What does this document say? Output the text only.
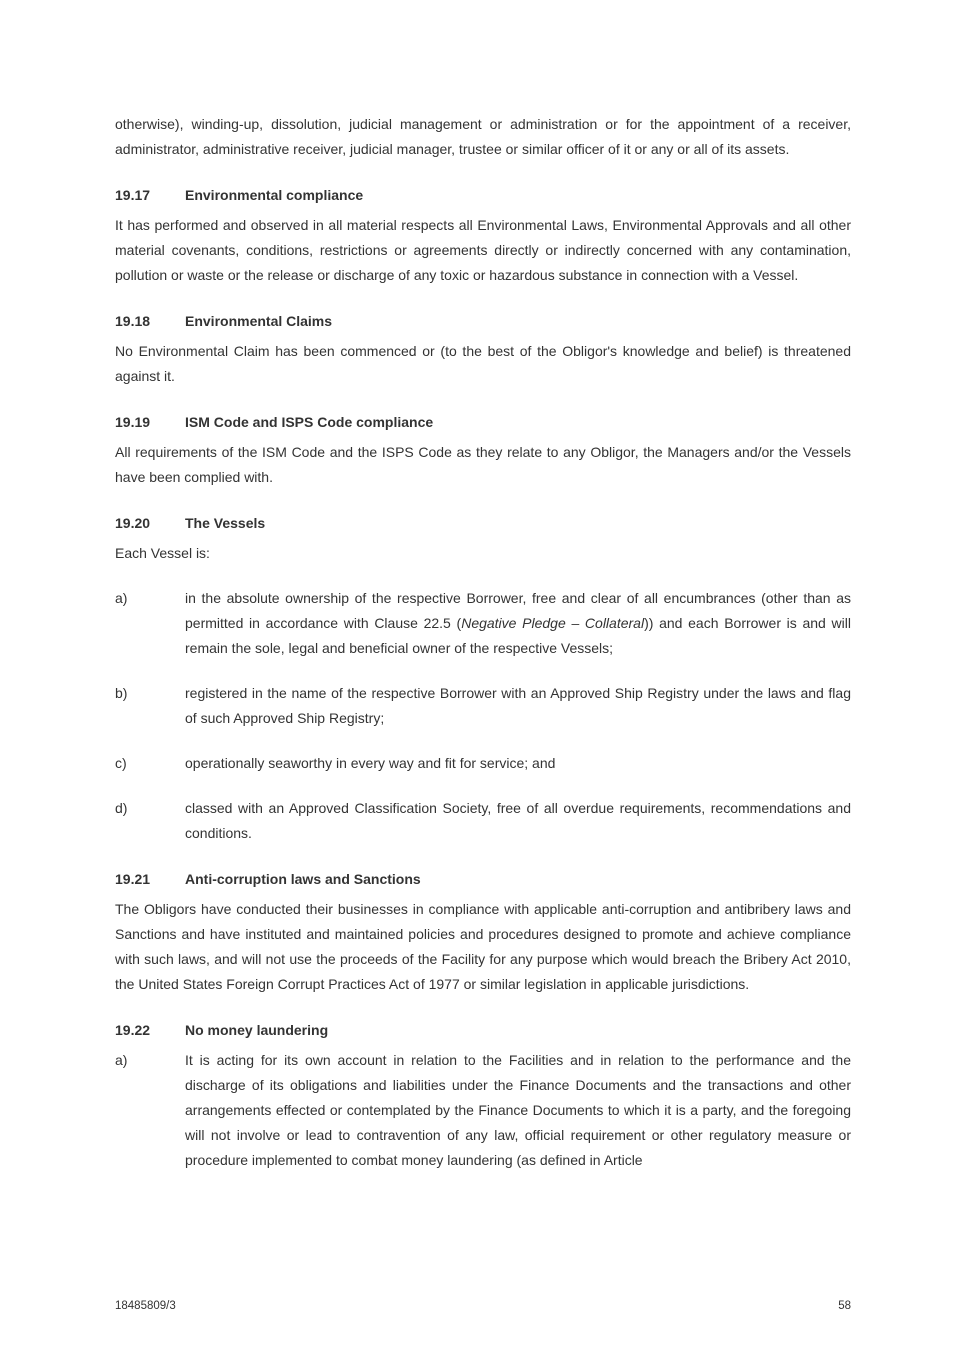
otherwise), winding-up, dissolution, judicial management or administration or for the appointment of a receiver, administrator, administrative receiver, judicial manager, trustee or similar officer of it or any or all of its assets.

19.17	Environmental compliance

It has performed and observed in all material respects all Environmental Laws, Environmental Approvals and all other material covenants, conditions, restrictions or agreements directly or indirectly concerned with any contamination, pollution or waste or the release or discharge of any toxic or hazardous substance in connection with a Vessel.

19.18	Environmental Claims

No Environmental Claim has been commenced or (to the best of the Obligor's knowledge and belief) is threatened against it.

19.19	ISM Code and ISPS Code compliance

All requirements of the ISM Code and the ISPS Code as they relate to any Obligor, the Managers and/or the Vessels have been complied with.

19.20	The Vessels

Each Vessel is:

a)	in the absolute ownership of the respective Borrower, free and clear of all encumbrances (other than as permitted in accordance with Clause 22.5 (Negative Pledge – Collateral)) and each Borrower is and will remain the sole, legal and beneficial owner of the respective Vessels;

b)	registered in the name of the respective Borrower with an Approved Ship Registry under the laws and flag of such Approved Ship Registry;

c)	operationally seaworthy in every way and fit for service; and

d)	classed with an Approved Classification Society, free of all overdue requirements, recommendations and conditions.

19.21	Anti-corruption laws and Sanctions

The Obligors have conducted their businesses in compliance with applicable anti-corruption and antibribery laws and Sanctions and have instituted and maintained policies and procedures designed to promote and achieve compliance with such laws, and will not use the proceeds of the Facility for any purpose which would breach the Bribery Act 2010, the United States Foreign Corrupt Practices Act of 1977 or similar legislation in applicable jurisdictions.

19.22	No money laundering
a)	It is acting for its own account in relation to the Facilities and in relation to the performance and the discharge of its obligations and liabilities under the Finance Documents and the transactions and other arrangements effected or contemplated by the Finance Documents to which it is a party, and the foregoing will not involve or lead to contravention of any law, official requirement or other regulatory measure or procedure implemented to combat money laundering (as defined in Article

18485809/3	58
